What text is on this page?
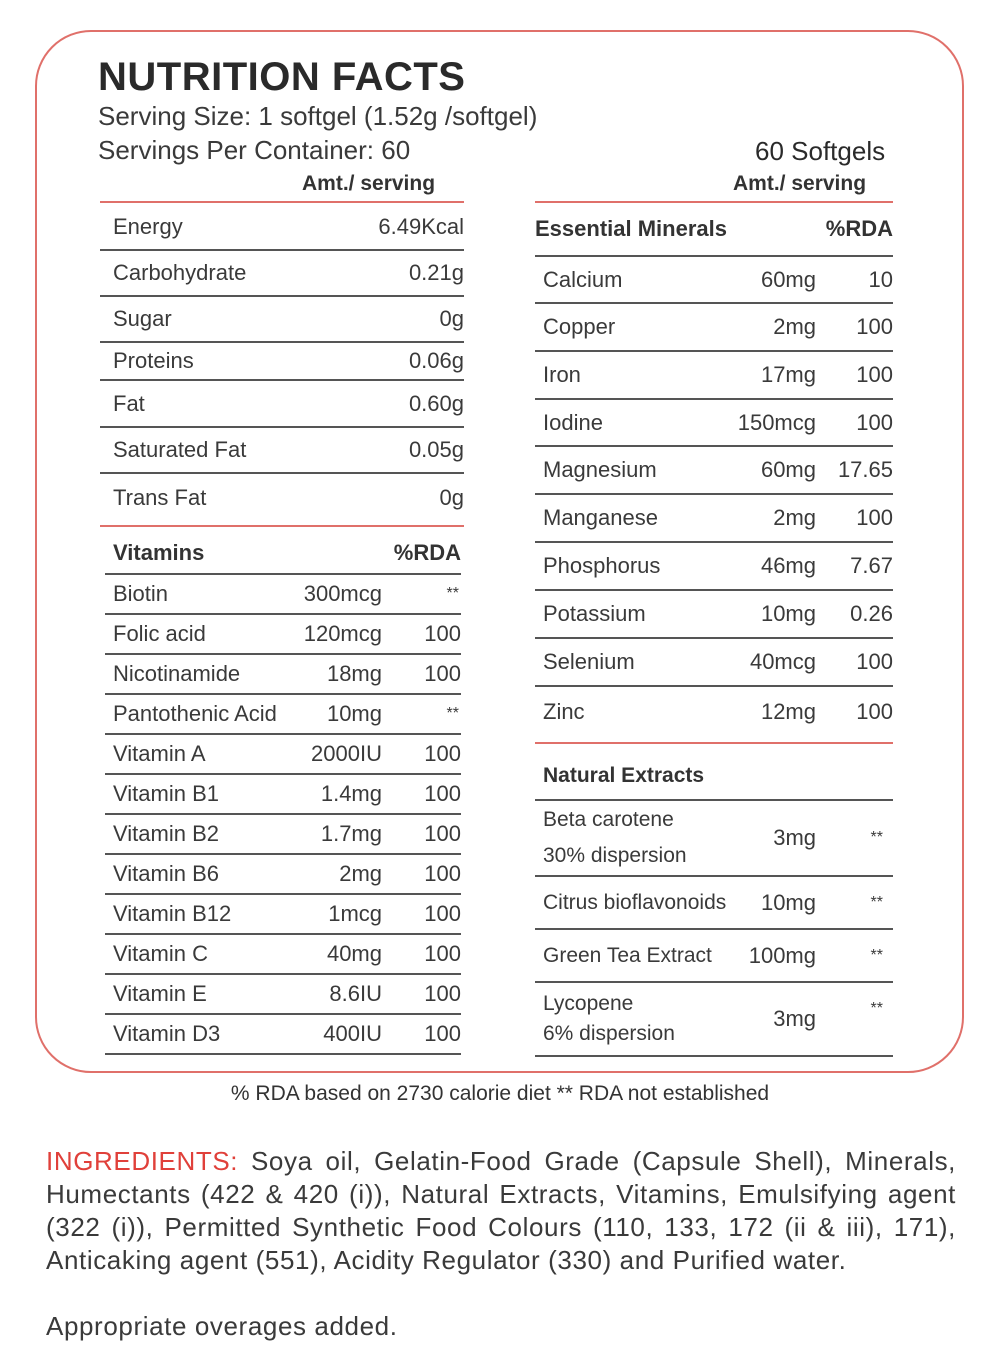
NUTRITION FACTS
Serving Size: 1 softgel (1.52g /softgel)
Servings Per Container: 60	60 Softgels
Amt./ serving	Amt./ serving
Energy	6.49Kcal
Carbohydrate	0.21g
Sugar	0g
Proteins	0.06g
Fat	0.60g
Saturated Fat	0.05g
Trans Fat	0g
Vitamins	%RDA
Biotin	300mcg	**
Folic acid	120mcg 100
Nicotinamide	18mg 100
Pantothenic Acid 10mg	**
Vitamin A	2000IU 100
Vitamin B1	1.4mg 100
Vitamin B2	1.7mg 100
Vitamin B6	2mg 100
Vitamin B12	1mcg 100
Vitamin C	40mg 100
Vitamin E	8.6IU 100
Vitamin D3	400IU 100
Essential Minerals	%RDA
Calcium	60mg 10
Copper	2mg 100
Iron	17mg 100
Iodine	150mcg 100
Magnesium	60mg 17.65
Manganese	2mg 100
Phosphorus	46mg 7.67
Potassium	10mg 0.26
Selenium	40mcg 100
Zinc	12mg 100
Natural Extracts
Beta carotene
30% dispersion
3mg	**
Citrus bioflavonoids 10mg	**
Green Tea Extract 100mg	**
Lycopene
6% dispersion
3mg	**
% RDA based on 2730 calorie diet ** RDA not established
INGREDIENTS: Soya oil, Gelatin-Food Grade (Capsule Shell), Minerals, Humectants (422 & 420 (i)), Natural Extracts, Vitamins, Emulsifying agent (322 (i)), Permitted Synthetic Food Colours (110, 133, 172 (ii & iii), 171), Anticaking agent (551), Acidity Regulator (330) and Purified water.
Appropriate overages added.
